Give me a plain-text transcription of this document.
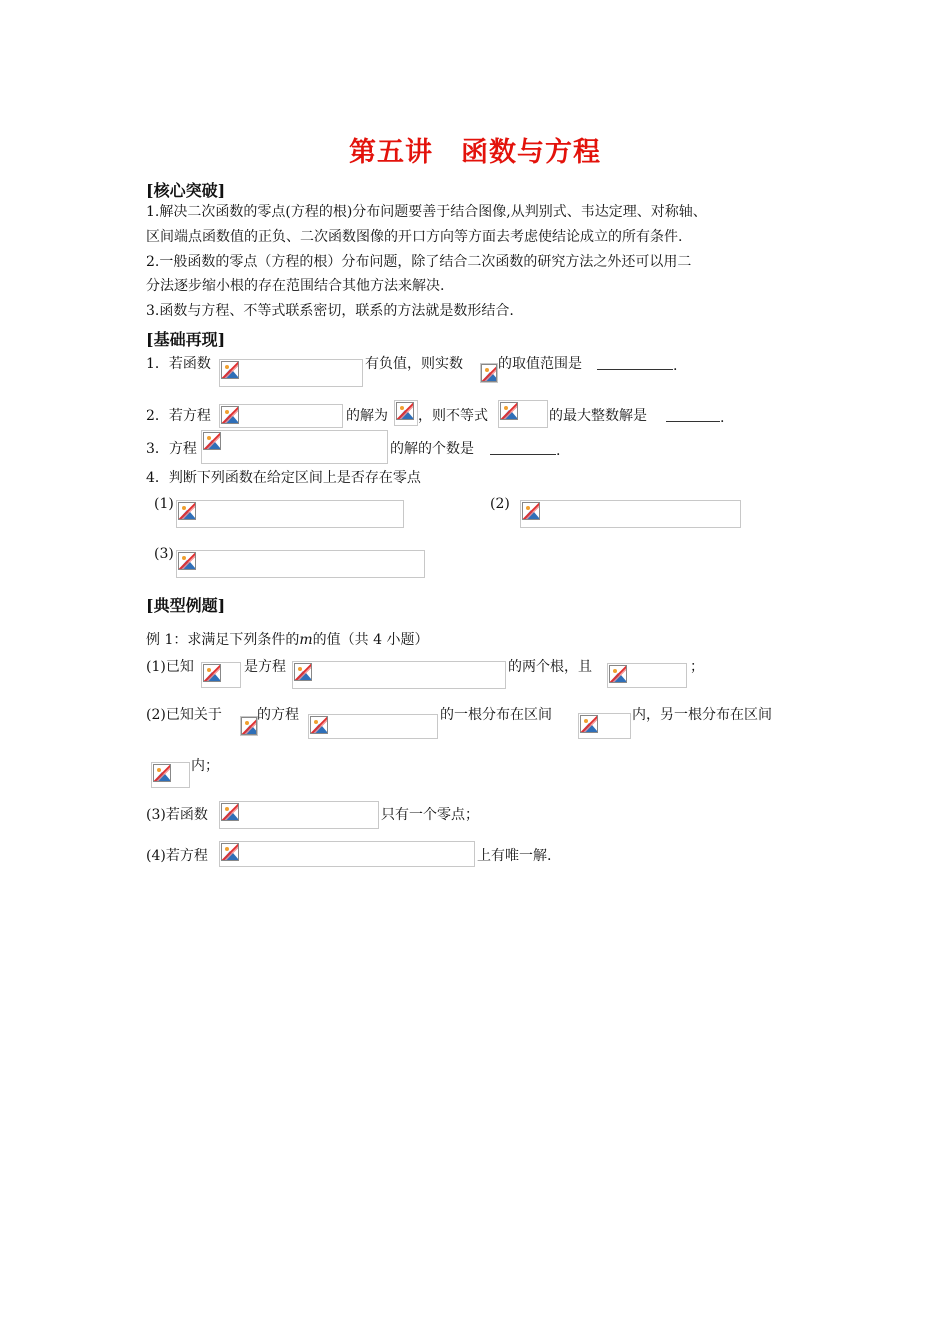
第五讲　函数与方程
[核心突破]
1.解决二次函数的零点(方程的根)分布问题要善于结合图像,从判别式、韦达定理、对称轴、
区间端点函数值的正负、二次函数图像的开口方向等方面去考虑使结论成立的所有条件.
2.一般函数的零点（方程的根）分布问题，除了结合二次函数的研究方法之外还可以用二
分法逐步缩小根的存在范围结合其他方法来解决.
3.函数与方程、不等式联系密切，联系的方法就是数形结合.
[基础再现]
1．若函数	有负值，则实数	的取值范围是	.
2．若方程	的解为 ，则不等式	的最大整数解是	.
3．方程	的解的个数是	.
4．判断下列函数在给定区间上是否存在零点
(1)	(2)
(3)
[典型例题]
例 1：求满足下列条件的m的值（共 4 小题）
(1)已知	是方程	的两个根，且	；
(2)已知关于	的方程	的一根分布在区间	内，另一根分布在区间
内；
(3)若函数	只有一个零点；
(4)若方程	上有唯一解.
